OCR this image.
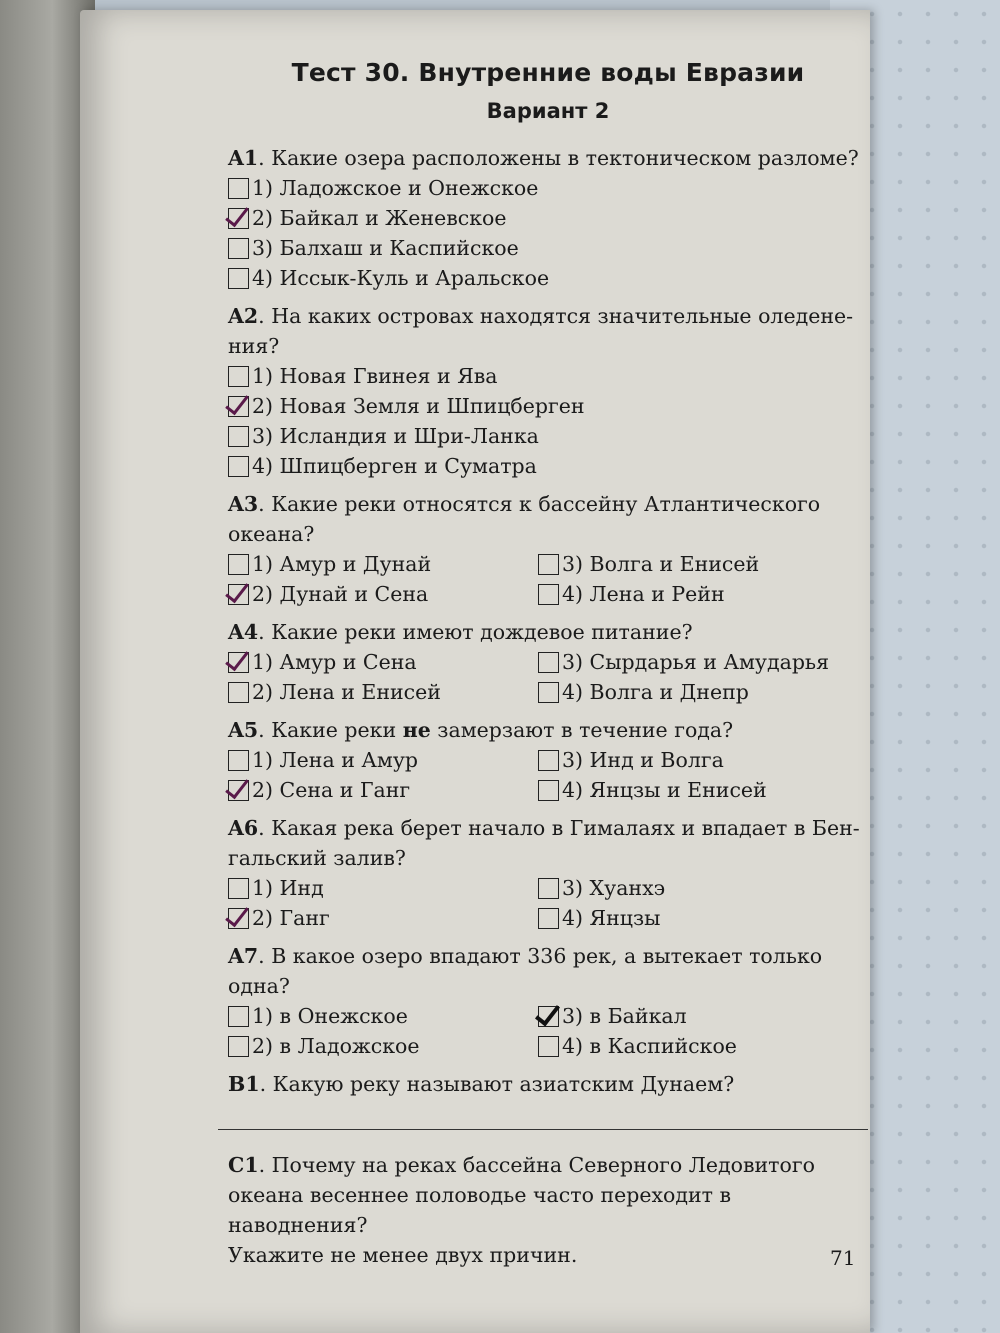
Тест 30. Внутренние воды Евразии
Вариант 2

A1. Какие озера расположены в тектоническом разломе?

1) Ладожское и Онежское
2) Байкал и Женевское
3) Балхаш и Каспийское
4) Иссык-Куль и Аральское

A2. На каких островах находятся значительные оледене-

ния?

1) Новая Гвинея и Ява
2) Новая Земля и Шпицберген
3) Исландия и Шри-Ланка
4) Шпицберген и Суматра

A3. Какие реки относятся к бассейну Атлантического

океана?

1) Амур и Дунай	3) Волга и Енисей
2) Дунай и Сена	4) Лена и Рейн

A4. Какие реки имеют дождевое питание?

1) Амур и Сена	3) Сырдарья и Амударья
2) Лена и Енисей	4) Волга и Днепр

A5. Какие реки не замерзают в течение года?

1) Лена и Амур	3) Инд и Волга
2) Сена и Ганг	4) Янцзы и Енисей

A6. Какая река берет начало в Гималаях и впадает в Бен-

гальский залив?

1) Инд	3) Хуанхэ
2) Ганг	4) Янцзы

A7. В какое озеро впадают 336 рек, а вытекает только одна?

1) в Онежское	3) в Байкал
2) в Ладожское	4) в Каспийское

B1. Какую реку называют азиатским Дунаем?

C1. Почему на реках бассейна Северного Ледовитого

океана весеннее половодье часто переходит в наводнения?

Укажите не менее двух причин.	71
